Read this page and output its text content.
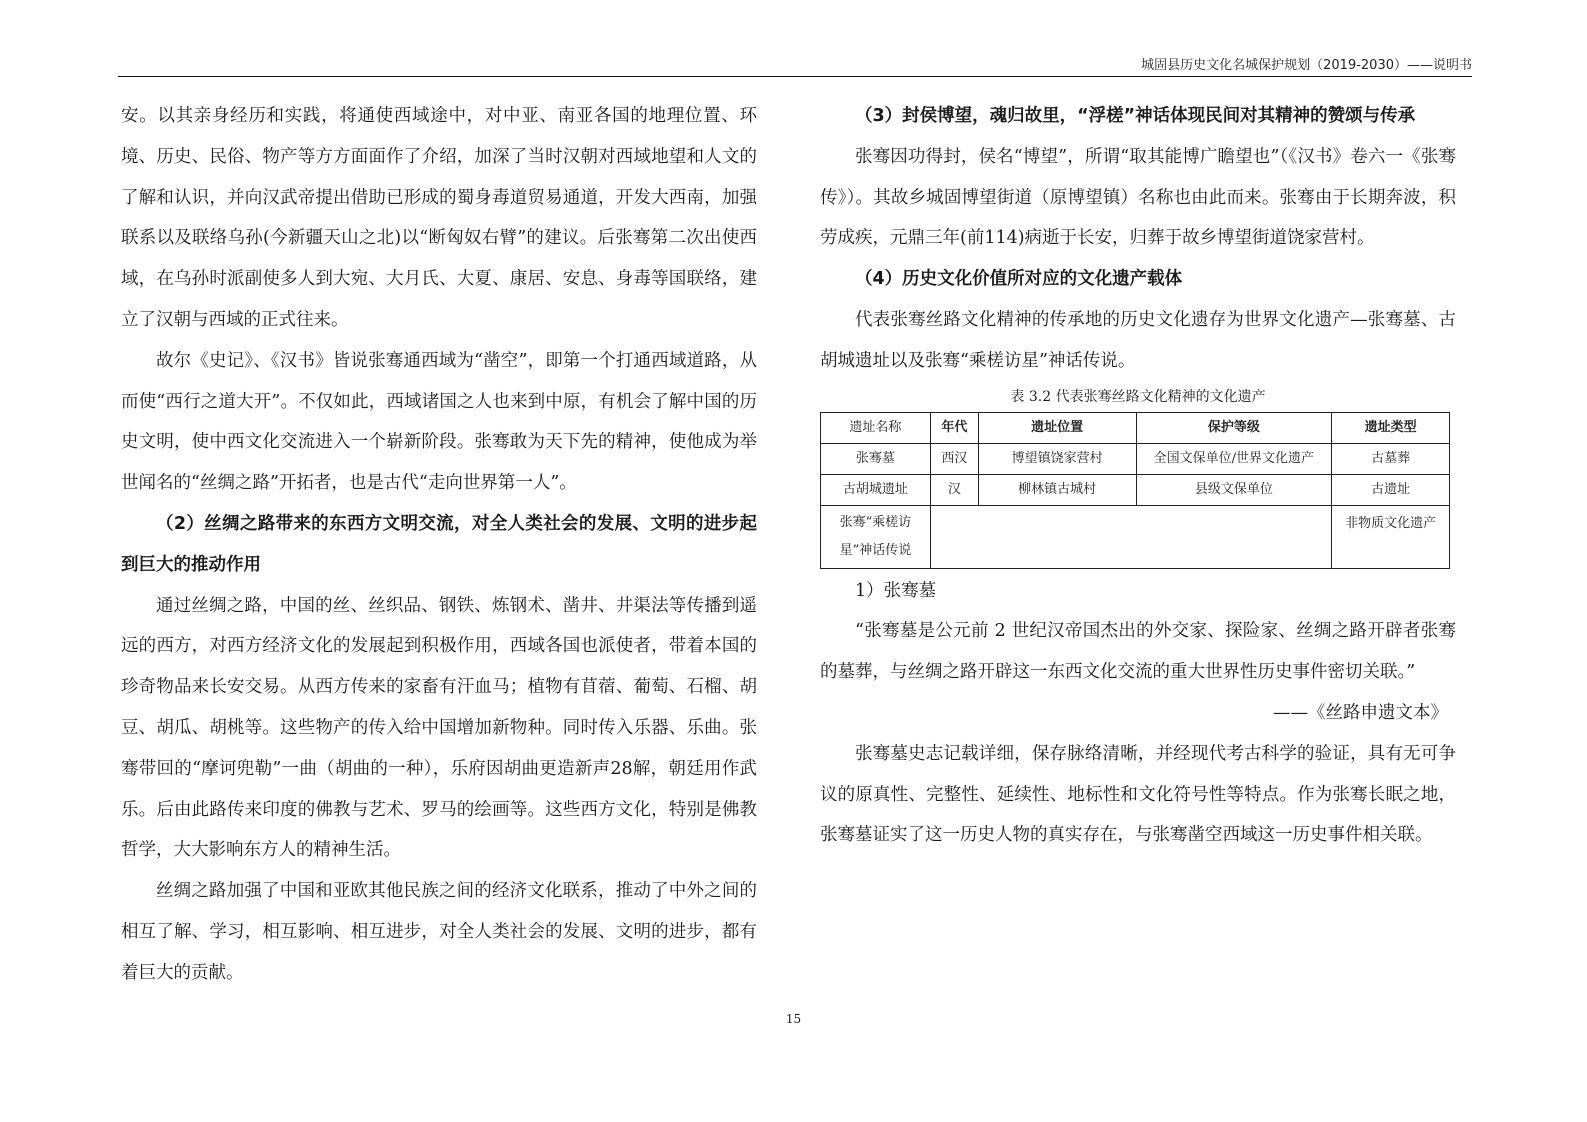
城固县历史文化名城保护规划（2019-2030）——说明书

安。以其亲身经历和实践，将通使西域途中，对中亚、南亚各国的地理位置、环境、历史、民俗、物产等方方面面作了介绍，加深了当时汉朝对西域地望和人文的了解和认识，并向汉武帝提出借助已形成的蜀身毒道贸易通道，开发大西南，加强联系以及联络乌孙(今新疆天山之北)以“断匈奴右臂”的建议。后张骞第二次出使西域，在乌孙时派副使多人到大宛、大月氏、大夏、康居、安息、身毒等国联络，建立了汉朝与西域的正式往来。

故尔《史记》、《汉书》皆说张骞通西域为“凿空”，即第一个打通西域道路，从而使“西行之道大开”。不仅如此，西域诸国之人也来到中原，有机会了解中国的历史文明，使中西文化交流进入一个崭新阶段。张骞敢为天下先的精神，使他成为举世闻名的“丝绸之路”开拓者，也是古代“走向世界第一人”。

（2）丝绸之路带来的东西方文明交流，对全人类社会的发展、文明的进步起到巨大的推动作用

通过丝绸之路，中国的丝、丝织品、钢铁、炼钢术、凿井、井渠法等传播到遥远的西方，对西方经济文化的发展起到积极作用，西域各国也派使者，带着本国的珍奇物品来长安交易。从西方传来的家畜有汗血马；植物有苜蓿、葡萄、石榴、胡豆、胡瓜、胡桃等。这些物产的传入给中国增加新物种。同时传入乐器、乐曲。张骞带回的“摩诃兜勒”一曲（胡曲的一种），乐府因胡曲更造新声28解，朝廷用作武乐。后由此路传来印度的佛教与艺术、罗马的绘画等。这些西方文化，特别是佛教哲学，大大影响东方人的精神生活。

丝绸之路加强了中国和亚欧其他民族之间的经济文化联系，推动了中外之间的相互了解、学习，相互影响、相互进步，对全人类社会的发展、文明的进步，都有着巨大的贡献。

（3）封侯博望，魂归故里，“浮槎”神话体现民间对其精神的赞颂与传承

张骞因功得封，侯名“博望”，所谓“取其能博广瞻望也”（《汉书》卷六一《张骞传》）。其故乡城固博望街道（原博望镇）名称也由此而来。张骞由于长期奔波，积劳成疾，元鼎三年(前114)病逝于长安，归葬于故乡博望街道饶家营村。

（4）历史文化价值所对应的文化遗产载体

代表张骞丝路文化精神的传承地的历史文化遗存为世界文化遗产—张骞墓、古胡城遗址以及张骞“乘槎访星”神话传说。

表 3.2 代表张骞丝路文化精神的文化遗产
遗址名称	年代	遗址位置	保护等级	遗址类型
张骞墓	西汉	博望镇饶家营村	全国文保单位/世界文化遗产	古墓葬
古胡城遗址	汉	柳林镇古城村	县级文保单位	古遗址
张骞“乘槎访星”神话传说				非物质文化遗产

1）张骞墓

“张骞墓是公元前 2 世纪汉帝国杰出的外交家、探险家、丝绸之路开辟者张骞的墓葬，与丝绸之路开辟这一东西文化交流的重大世界性历史事件密切关联。”

——《丝路申遗文本》

张骞墓史志记载详细，保存脉络清晰，并经现代考古科学的验证，具有无可争议的原真性、完整性、延续性、地标性和文化符号性等特点。作为张骞长眠之地，张骞墓证实了这一历史人物的真实存在，与张骞凿空西域这一历史事件相关联。

15
